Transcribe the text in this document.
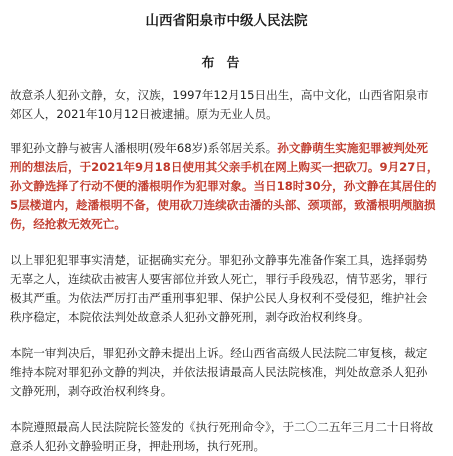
山西省阳泉市中级人民法院
布告

故意杀人犯孙文静，女，汉族，1997年12月15日出生，高中文化，山西省阳泉市
郊区人，2021年10月12日被逮捕。原为无业人员。

罪犯孙文静与被害人潘根明(殁年68岁)系邻居关系。孙文静萌生实施犯罪被判处死
刑的想法后，于2021年9月18日使用其父亲手机在网上购买一把砍刀。9月27日，
孙文静选择了行动不便的潘根明作为犯罪对象。当日18时30分，孙文静在其居住的
5层楼道内，趁潘根明不备，使用砍刀连续砍击潘的头部、颈项部，致潘根明颅脑损
伤，经抢救无效死亡。

以上罪犯犯罪事实清楚，证据确实充分。罪犯孙文静事先准备作案工具，选择弱势
无辜之人，连续砍击被害人要害部位并致人死亡，罪行手段残忍，情节恶劣，罪行
极其严重。为依法严厉打击严重刑事犯罪、保护公民人身权利不受侵犯，维护社会
秩序稳定，本院依法判处故意杀人犯孙文静死刑，剥夺政治权利终身。

本院一审判决后，罪犯孙文静未提出上诉。经山西省高级人民法院二审复核，裁定
维持本院对罪犯孙文静的判决，并依法报请最高人民法院核准，判处故意杀人犯孙
文静死刑，剥夺政治权利终身。

本院遵照最高人民法院院长签发的《执行死刑命令》，于二〇二五年三月二十日将故
意杀人犯孙文静验明正身，押赴刑场，执行死刑。
